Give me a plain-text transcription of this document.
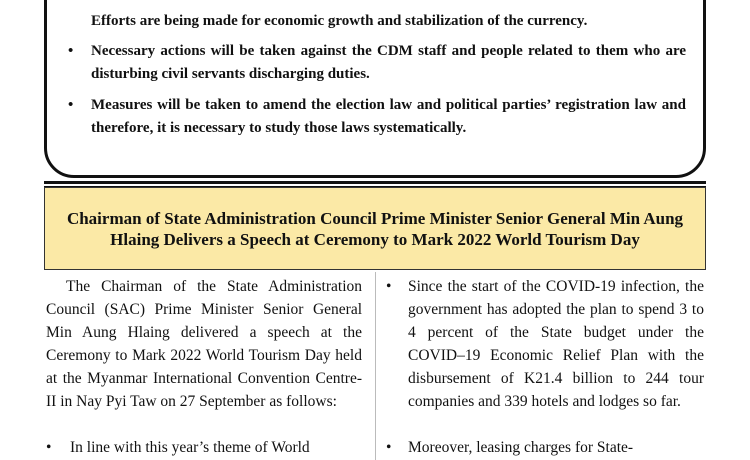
Efforts are being made for economic growth and stabilization of the currency.
• Necessary actions will be taken against the CDM staff and people related to them who are disturbing civil servants discharging duties.
• Measures will be taken to amend the election law and political parties’ registration law and therefore, it is necessary to study those laws systematically.
Chairman of State Administration Council Prime Minister Senior General Min Aung Hlaing Delivers a Speech at Ceremony to Mark 2022 World Tourism Day

The Chairman of the State Administration Council (SAC) Prime Minister Senior General Min Aung Hlaing delivered a speech at the Ceremony to Mark 2022 World Tourism Day held at the Myanmar International Convention Centre-II in Nay Pyi Taw on 27 September as follows:

• In line with this year’s theme of World
• Since the start of the COVID-19 infection, the government has adopted the plan to spend 3 to 4 percent of the State budget under the COVID–19 Economic Relief Plan with the disbursement of K21.4 billion to 244 tour companies and 339 hotels and lodges so far.
• Moreover, leasing charges for State-
